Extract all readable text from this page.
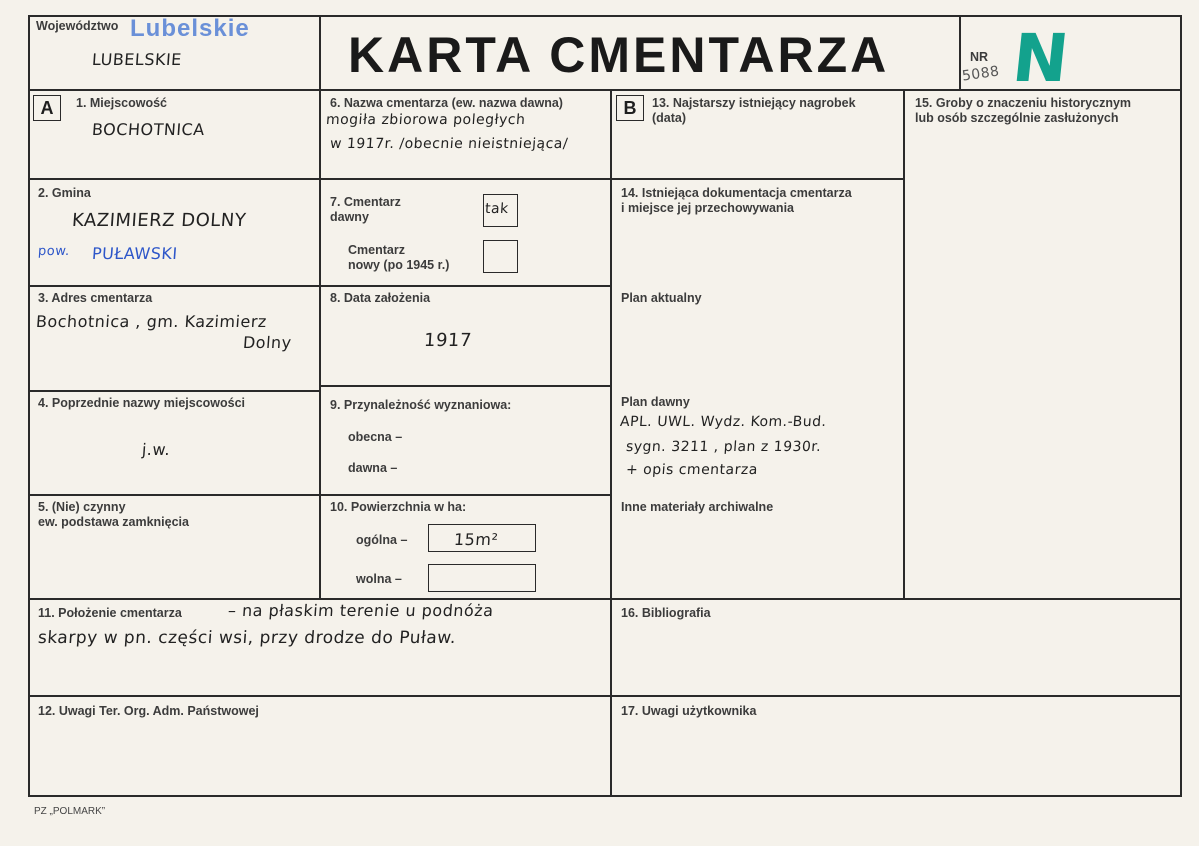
Województwo Lubelskie
LUBELSKIE	KARTA CMENTARZA	NR
5088 N
A	B
1. Miejscowość
BOCHOTNICA
2. Gmina
KAZIMIERZ DOLNY
pow. PUŁAWSKI
3. Adres cmentarza
Bochotnica , gm. Kazimierz
Dolny
4. Poprzednie nazwy miejscowości
j.w.
5. (Nie) czynny
ew. podstawa zamknięcia
6. Nazwa cmentarza (ew. nazwa dawna)
mogiła zbiorowa poległych
w 1917r. /obecnie nieistniejąca/
7. Cmentarz
dawny	tak
Cmentarz
nowy (po 1945 r.)
8. Data założenia
1917
9. Przynależność wyznaniowa:
obecna –
dawna –
10. Powierzchnia w ha:
ogólna –	15m²
wolna –
13. Najstarszy istniejący nagrobek
(data)
14. Istniejąca dokumentacja cmentarza
i miejsce jej przechowywania
Plan aktualny
Plan dawny
APL. UWL. Wydz. Kom.-Bud.
sygn. 3211 , plan z 1930r.
+ opis cmentarza
Inne materiały archiwalne
15. Groby o znaczeniu historycznym
lub osób szczególnie zasłużonych
11. Położenie cmentarza	– na płaskim terenie u podnóża
skarpy w pn. części wsi, przy drodze do Puław.
16. Bibliografia
12. Uwagi Ter. Org. Adm. Państwowej	17. Uwagi użytkownika
PZ „POLMARK”
